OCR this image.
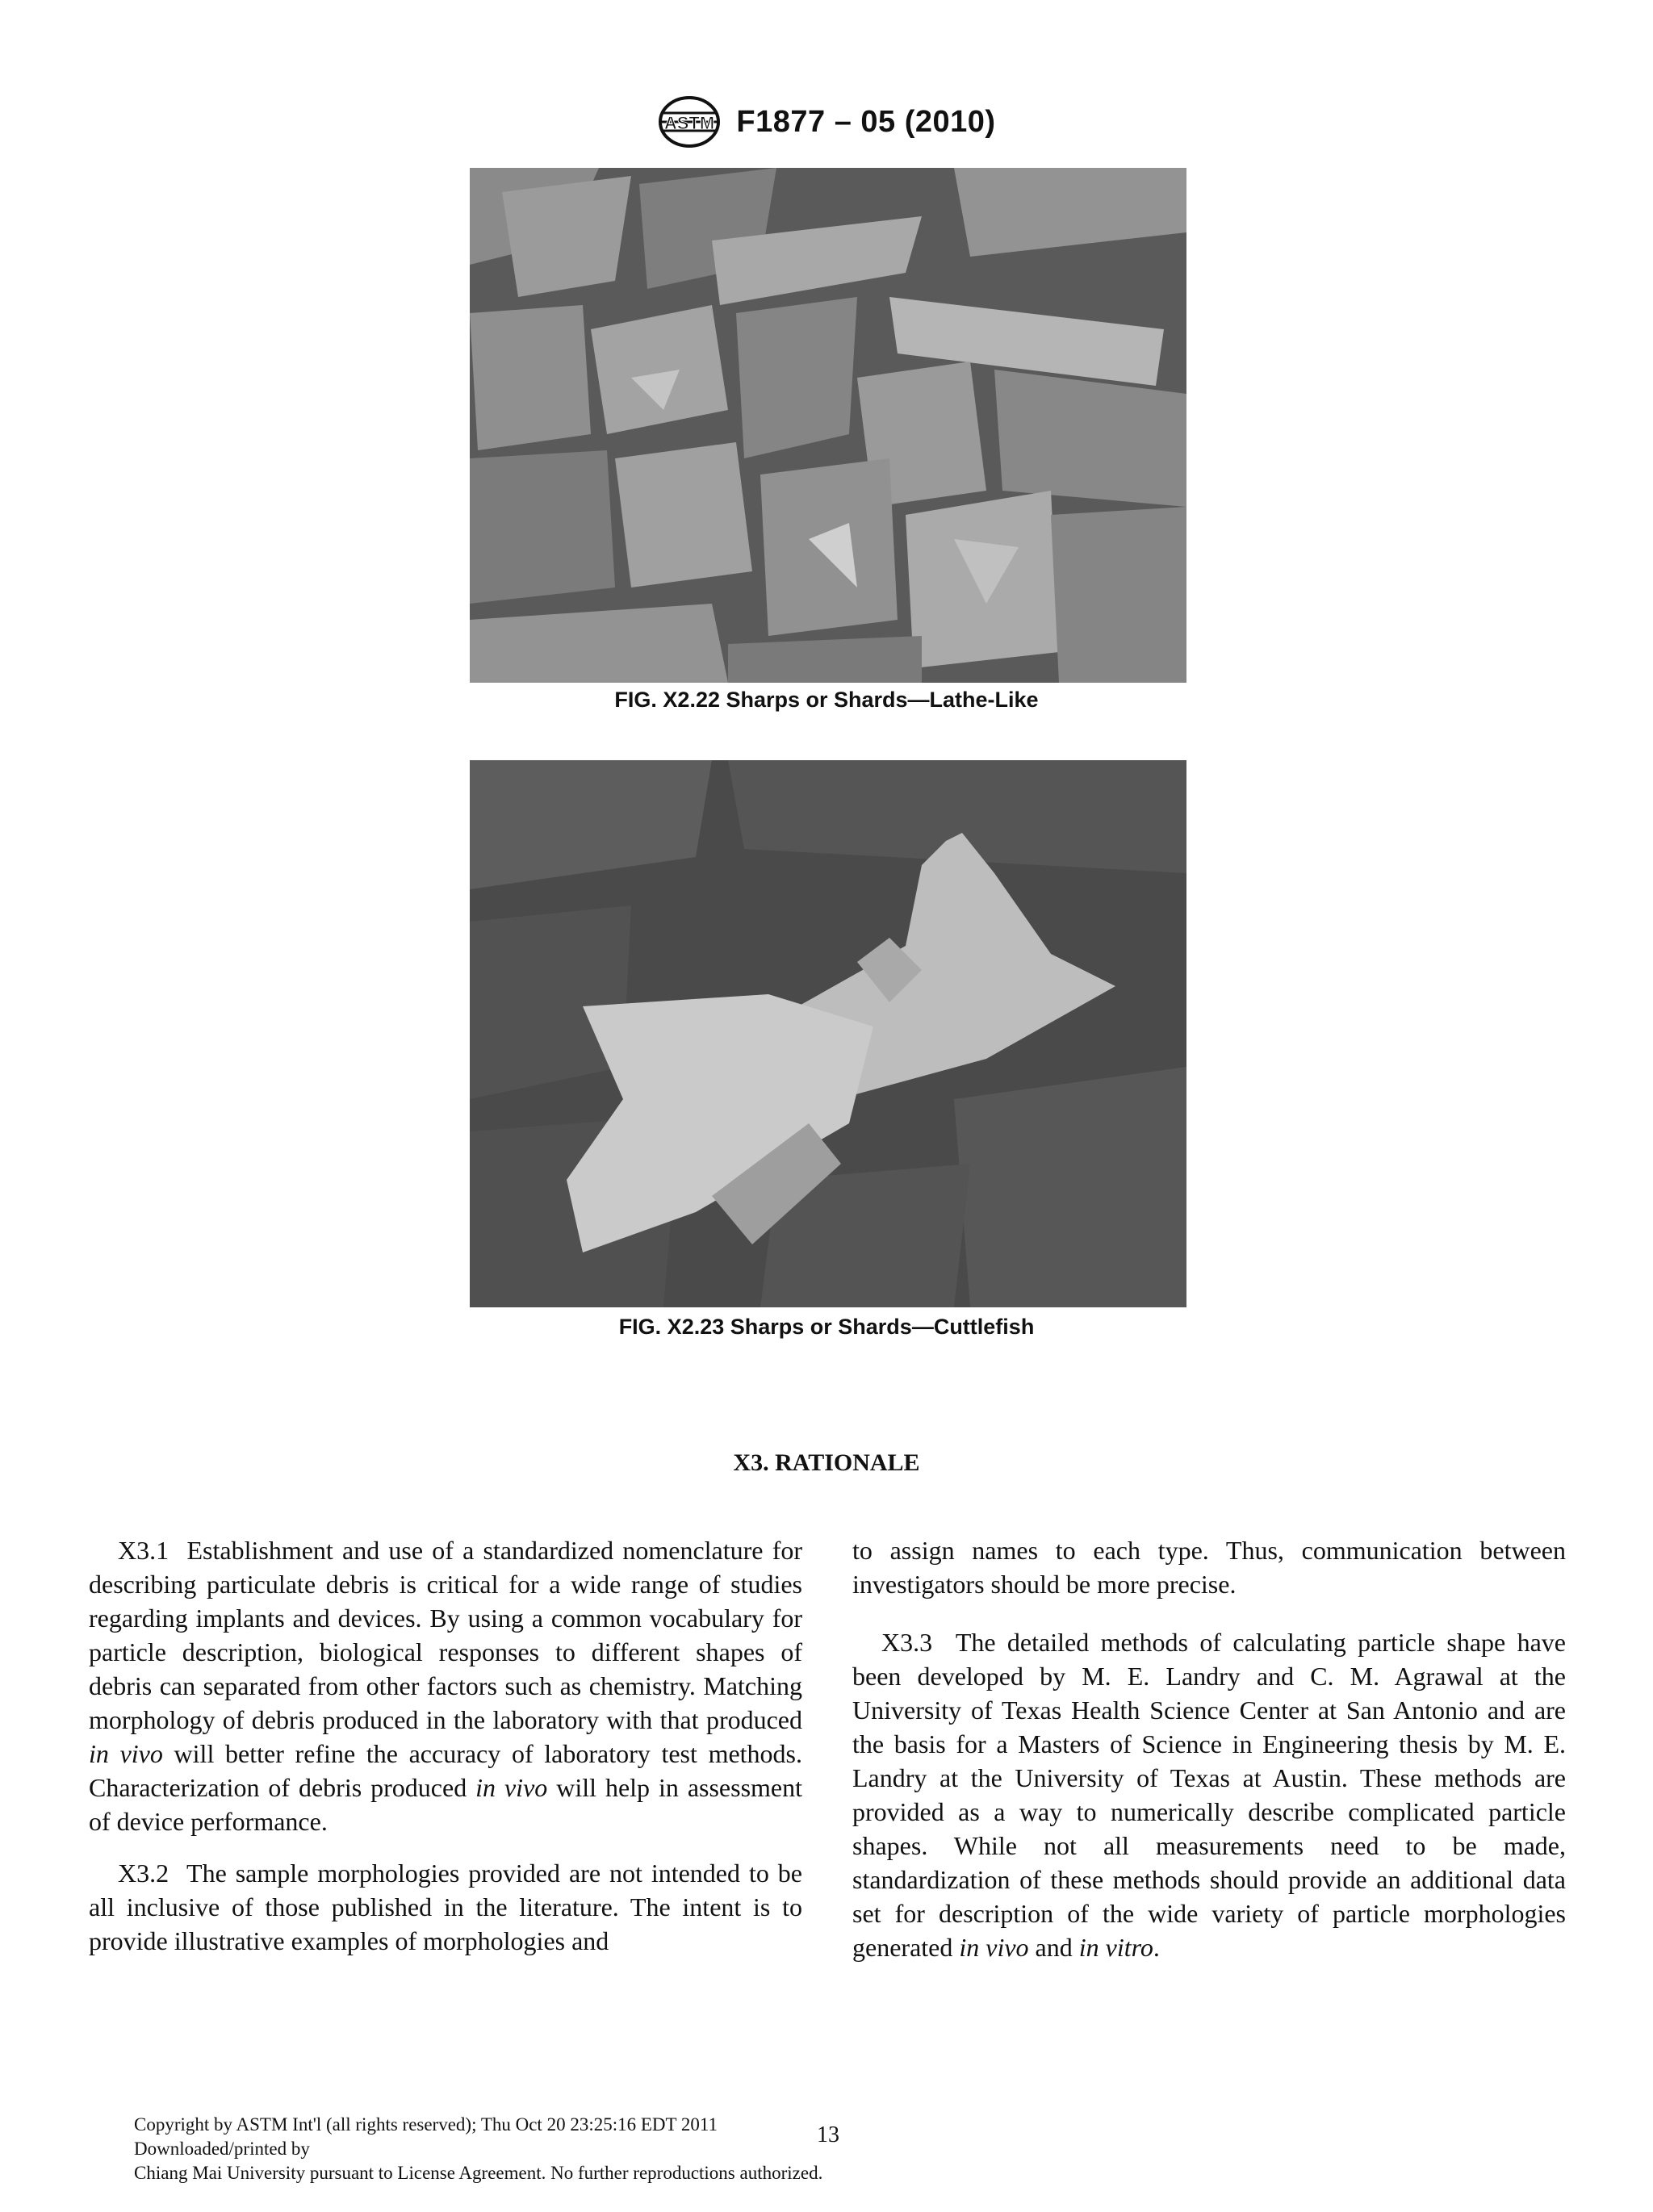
ASTM F1877 – 05 (2010)
FIG. X2.22 Sharps or Shards—Lathe-Like
FIG. X2.23 Sharps or Shards—Cuttlefish
X3. RATIONALE

X3.1 Establishment and use of a standardized nomenclature for describing particulate debris is critical for a wide range of studies regarding implants and devices. By using a common vocabulary for particle description, biological responses to different shapes of debris can separated from other factors such as chemistry. Matching morphology of debris produced in the laboratory with that produced in vivo will better refine the accuracy of laboratory test methods. Characterization of debris produced in vivo will help in assessment of device performance.

X3.2 The sample morphologies provided are not intended to be all inclusive of those published in the literature. The intent is to provide illustrative examples of morphologies and

to assign names to each type. Thus, communication between investigators should be more precise.

X3.3 The detailed methods of calculating particle shape have been developed by M. E. Landry and C. M. Agrawal at the University of Texas Health Science Center at San Antonio and are the basis for a Masters of Science in Engineering thesis by M. E. Landry at the University of Texas at Austin. These methods are provided as a way to numerically describe complicated particle shapes. While not all measurements need to be made, standardization of these methods should provide an additional data set for description of the wide variety of particle morphologies generated in vivo and in vitro.

Copyright by ASTM Int'l (all rights reserved); Thu Oct 20 23:25:16 EDT 2011
Downloaded/printed by
Chiang Mai University pursuant to License Agreement. No further reproductions authorized.
13
